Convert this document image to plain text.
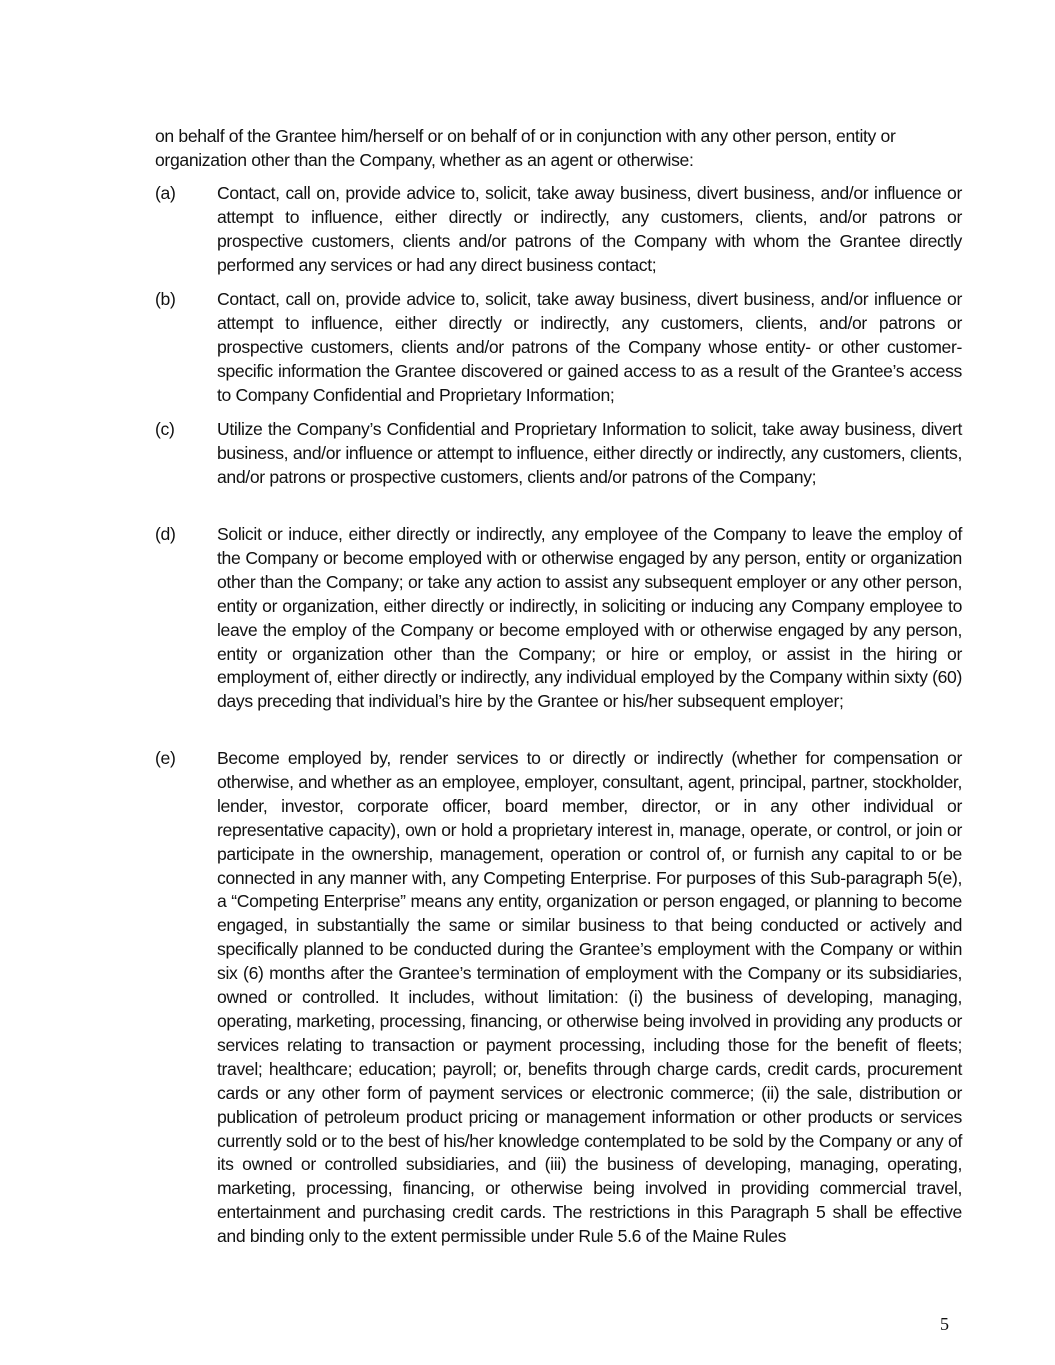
on behalf of the Grantee him/herself or on behalf of or in conjunction with any other person, entity or organization other than the Company, whether as an agent or otherwise:

(a)	Contact, call on, provide advice to, solicit, take away business, divert business, and/or influence or attempt to influence, either directly or indirectly, any customers, clients, and/or patrons or prospective customers, clients and/or patrons of the Company with whom the Grantee directly performed any services or had any direct business contact;
(b)	Contact, call on, provide advice to, solicit, take away business, divert business, and/or influence or attempt to influence, either directly or indirectly, any customers, clients, and/or patrons or prospective customers, clients and/or patrons of the Company whose entity- or other customer-specific information the Grantee discovered or gained access to as a result of the Grantee’s access to Company Confidential and Proprietary Information;
(c)	Utilize the Company’s Confidential and Proprietary Information to solicit, take away business, divert business, and/or influence or attempt to influence, either directly or indirectly, any customers, clients, and/or patrons or prospective customers, clients and/or patrons of the Company;
(d)	Solicit or induce, either directly or indirectly, any employee of the Company to leave the employ of the Company or become employed with or otherwise engaged by any person, entity or organization other than the Company; or take any action to assist any subsequent employer or any other person, entity or organization, either directly or indirectly, in soliciting or inducing any Company employee to leave the employ of the Company or become employed with or otherwise engaged by any person, entity or organization other than the Company; or hire or employ, or assist in the hiring or employment of, either directly or indirectly, any individual employed by the Company within sixty (60) days preceding that individual’s hire by the Grantee or his/her subsequent employer;
(e)	Become employed by, render services to or directly or indirectly (whether for compensation or otherwise, and whether as an employee, employer, consultant, agent, principal, partner, stockholder, lender, investor, corporate officer, board member, director, or in any other individual or representative capacity), own or hold a proprietary interest in, manage, operate, or control, or join or participate in the ownership, management, operation or control of, or furnish any capital to or be connected in any manner with, any Competing Enterprise. For purposes of this Sub-paragraph 5(e), a “Competing Enterprise” means any entity, organization or person engaged, or planning to become engaged, in substantially the same or similar business to that being conducted or actively and specifically planned to be conducted during the Grantee’s employment with the Company or within six (6) months after the Grantee’s termination of employment with the Company or its subsidiaries, owned or controlled. It includes, without limitation: (i) the business of developing, managing, operating, marketing, processing, financing, or otherwise being involved in providing any products or services relating to transaction or payment processing, including those for the benefit of fleets; travel; healthcare; education; payroll; or, benefits through charge cards, credit cards, procurement cards or any other form of payment services or electronic commerce; (ii) the sale, distribution or publication of petroleum product pricing or management information or other products or services currently sold or to the best of his/her knowledge contemplated to be sold by the Company or any of its owned or controlled subsidiaries, and (iii) the business of developing, managing, operating, marketing, processing, financing, or otherwise being involved in providing commercial travel, entertainment and purchasing credit cards. The restrictions in this Paragraph 5 shall be effective and binding only to the extent permissible under Rule 5.6 of the Maine Rules
5
